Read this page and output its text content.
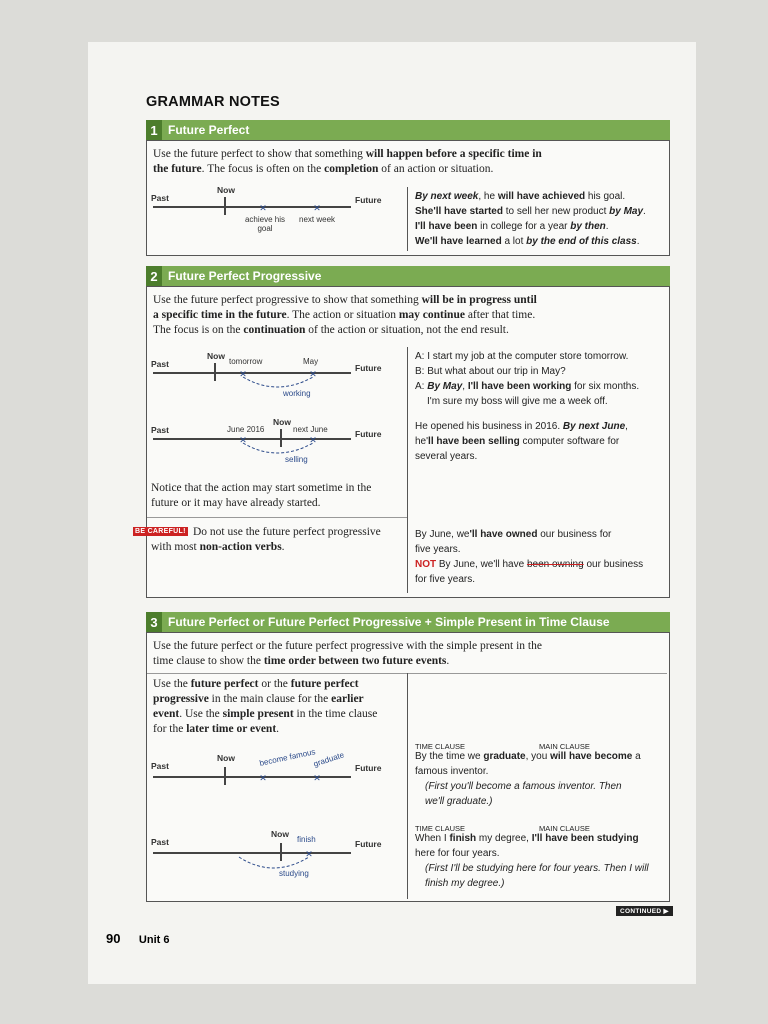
GRAMMAR NOTES
1 Future Perfect
Use the future perfect to show that something will happen before a specific time in
the future. The focus is often on the completion of an action or situation.
Past
Now
Future
✕	✕
achieve his goal
next week
By next week, he will have achieved his goal.
She'll have started to sell her new product by May.
I'll have been in college for a year by then.
We'll have learned a lot by the end of this class.
2 Future Perfect Progressive
Use the future perfect progressive to show that something will be in progress until
a specific time in the future. The action or situation may continue after that time.
The focus is on the continuation of the action or situation, not the end result.
Past
Now
tomorrow	May
Future
✕	✕
working
A: I start my job at the computer store tomorrow.
B: But what about our trip in May?
A: By May, I'll have been working for six months.
I'm sure my boss will give me a week off.
Past	June 2016
Now
next June	Future
✕	✕
selling
He opened his business in 2016. By next June,
he'll have been selling computer software for
several years.
Notice that the action may start sometime in the
future or it may have already started.
BE CAREFUL! Do not use the future perfect progressive
with most non-action verbs.
By June, we'll have owned our business for
five years.
NOT By June, we'll have been owning our business
for five years.
3 Future Perfect or Future Perfect Progressive + Simple Present in Time Clause
Use the future perfect or the future perfect progressive with the simple present in the
time clause to show the time order between two future events.
Use the future perfect or the future perfect
progressive in the main clause for the earlier
event. Use the simple present in the time clause
for the later time or event.
Past
Now
Future
✕	✕
become famous
graduate
Past
Now
finish	Future
✕
studying
TIME CLAUSE	MAIN CLAUSE
By the time we graduate, you will have become a
famous inventor.
(First you'll become a famous inventor. Then
we'll graduate.)
TIME CLAUSE	MAIN CLAUSE
When I finish my degree, I'll have been studying
here for four years.
(First I'll be studying here for four years. Then I will
finish my degree.)
CONTINUED ▶
90 Unit 6
